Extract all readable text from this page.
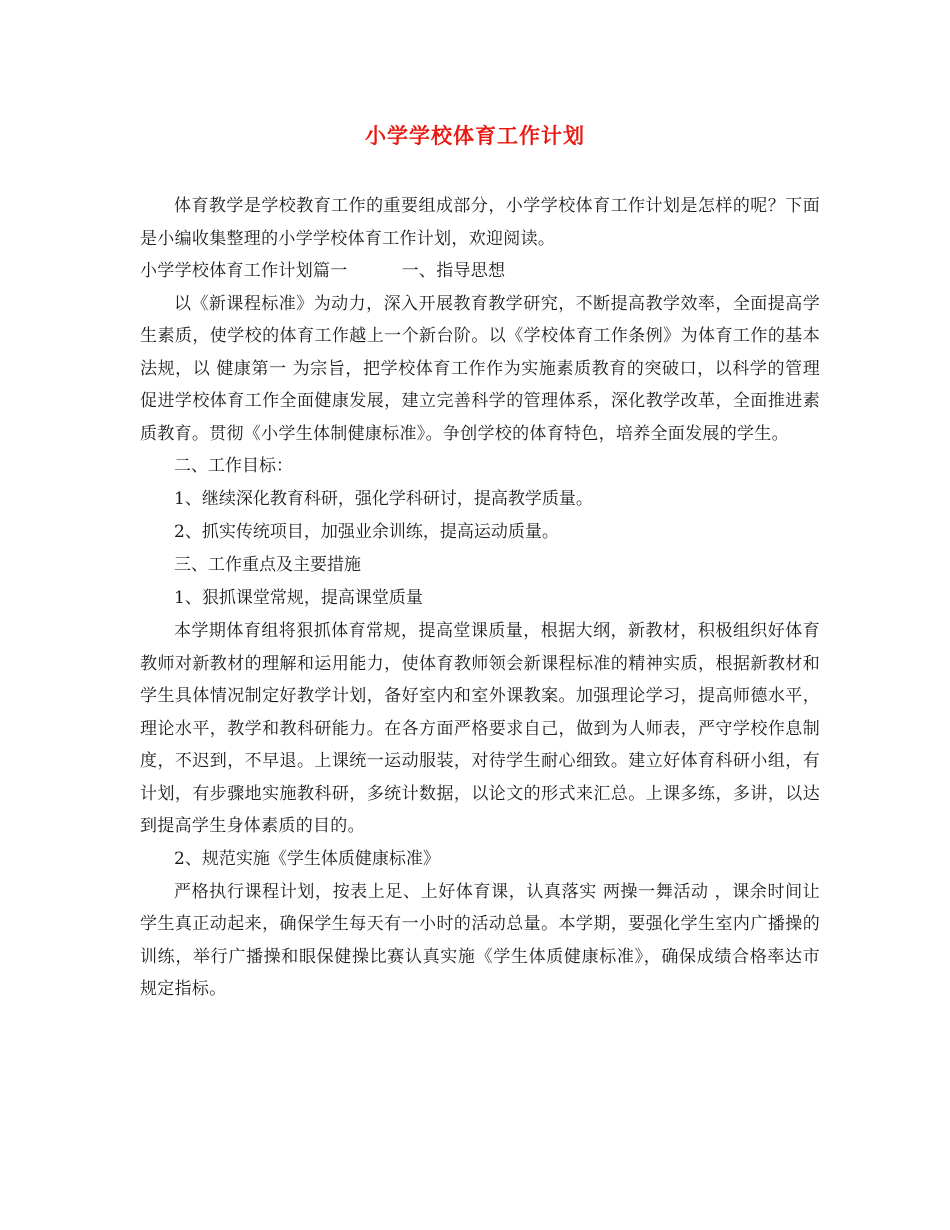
小学学校体育工作计划

体育教学是学校教育工作的重要组成部分，小学学校体育工作计划是怎样的呢？下面是小编收集整理的小学学校体育工作计划，欢迎阅读。

小学学校体育工作计划篇一	一、指导思想

以《新课程标准》为动力，深入开展教育教学研究，不断提高教学效率，全面提高学生素质，使学校的体育工作越上一个新台阶。以《学校体育工作条例》为体育工作的基本法规，以 健康第一 为宗旨，把学校体育工作作为实施素质教育的突破口，以科学的管理促进学校体育工作全面健康发展，建立完善科学的管理体系，深化教学改革，全面推进素质教育。贯彻《小学生体制健康标准》。争创学校的体育特色，培养全面发展的学生。

二、工作目标：

1、继续深化教育科研，强化学科研讨，提高教学质量。

2、抓实传统项目，加强业余训练，提高运动质量。

三、工作重点及主要措施

1、狠抓课堂常规，提高课堂质量

本学期体育组将狠抓体育常规，提高堂课质量，根据大纲，新教材，积极组织好体育教师对新教材的理解和运用能力，使体育教师领会新课程标准的精神实质，根据新教材和学生具体情况制定好教学计划，备好室内和室外课教案。加强理论学习，提高师德水平，理论水平，教学和教科研能力。在各方面严格要求自己，做到为人师表，严守学校作息制度，不迟到，不早退。上课统一运动服装，对待学生耐心细致。建立好体育科研小组，有计划，有步骤地实施教科研，多统计数据，以论文的形式来汇总。上课多练，多讲，以达到提高学生身体素质的目的。

2、规范实施《学生体质健康标准》

严格执行课程计划，按表上足、上好体育课，认真落实 两操一舞活动 ，课余时间让学生真正动起来，确保学生每天有一小时的活动总量。本学期，要强化学生室内广播操的训练，举行广播操和眼保健操比赛认真实施《学生体质健康标准》，确保成绩合格率达市规定指标。
